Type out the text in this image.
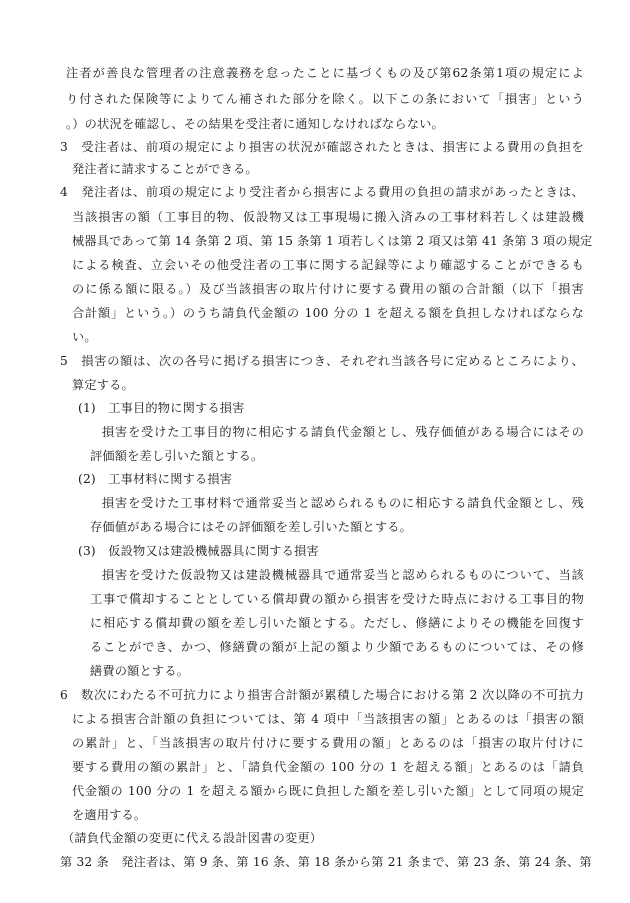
注者が善良な管理者の注意義務を怠ったことに基づくもの及び第62条第1項の規定によ
り付された保険等によりてん補された部分を除く。以下この条において「損害」という
。）の状況を確認し、その結果を受注者に通知しなければならない。
3　受注者は、前項の規定により損害の状況が確認されたときは、損害による費用の負担を
発注者に請求することができる。
4　発注者は、前項の規定により受注者から損害による費用の負担の請求があったときは、
当該損害の額（工事目的物、仮設物又は工事現場に搬入済みの工事材料若しくは建設機
械器具であって第 14 条第 2 項、第 15 条第 1 項若しくは第 2 項又は第 41 条第 3 項の規定
による検査、立会いその他受注者の工事に関する記録等により確認することができるも
のに係る額に限る。）及び当該損害の取片付けに要する費用の額の合計額（以下「損害
合計額」という。）のうち請負代金額の 100 分の 1 を超える額を負担しなければならな
い。
5　損害の額は、次の各号に掲げる損害につき、それぞれ当該各号に定めるところにより、
算定する。
(1)　工事目的物に関する損害
損害を受けた工事目的物に相応する請負代金額とし、残存価値がある場合にはその
評価額を差し引いた額とする。
(2)　工事材料に関する損害
損害を受けた工事材料で通常妥当と認められるものに相応する請負代金額とし、残
存価値がある場合にはその評価額を差し引いた額とする。
(3)　仮設物又は建設機械器具に関する損害
損害を受けた仮設物又は建設機械器具で通常妥当と認められるものについて、当該
工事で償却することとしている償却費の額から損害を受けた時点における工事目的物
に相応する償却費の額を差し引いた額とする。ただし、修繕によりその機能を回復す
ることができ、かつ、修繕費の額が上記の額より少額であるものについては、その修
繕費の額とする。
6　数次にわたる不可抗力により損害合計額が累積した場合における第 2 次以降の不可抗力
による損害合計額の負担については、第 4 項中「当該損害の額」とあるのは「損害の額
の累計」と、「当該損害の取片付けに要する費用の額」とあるのは「損害の取片付けに
要する費用の額の累計」と、「請負代金額の 100 分の 1 を超える額」とあるのは「請負
代金額の 100 分の 1 を超える額から既に負担した額を差し引いた額」として同項の規定
を適用する。
（請負代金額の変更に代える設計図書の変更）
第 32 条　発注者は、第 9 条、第 16 条、第 18 条から第 21 条まで、第 23 条、第 24 条、第
